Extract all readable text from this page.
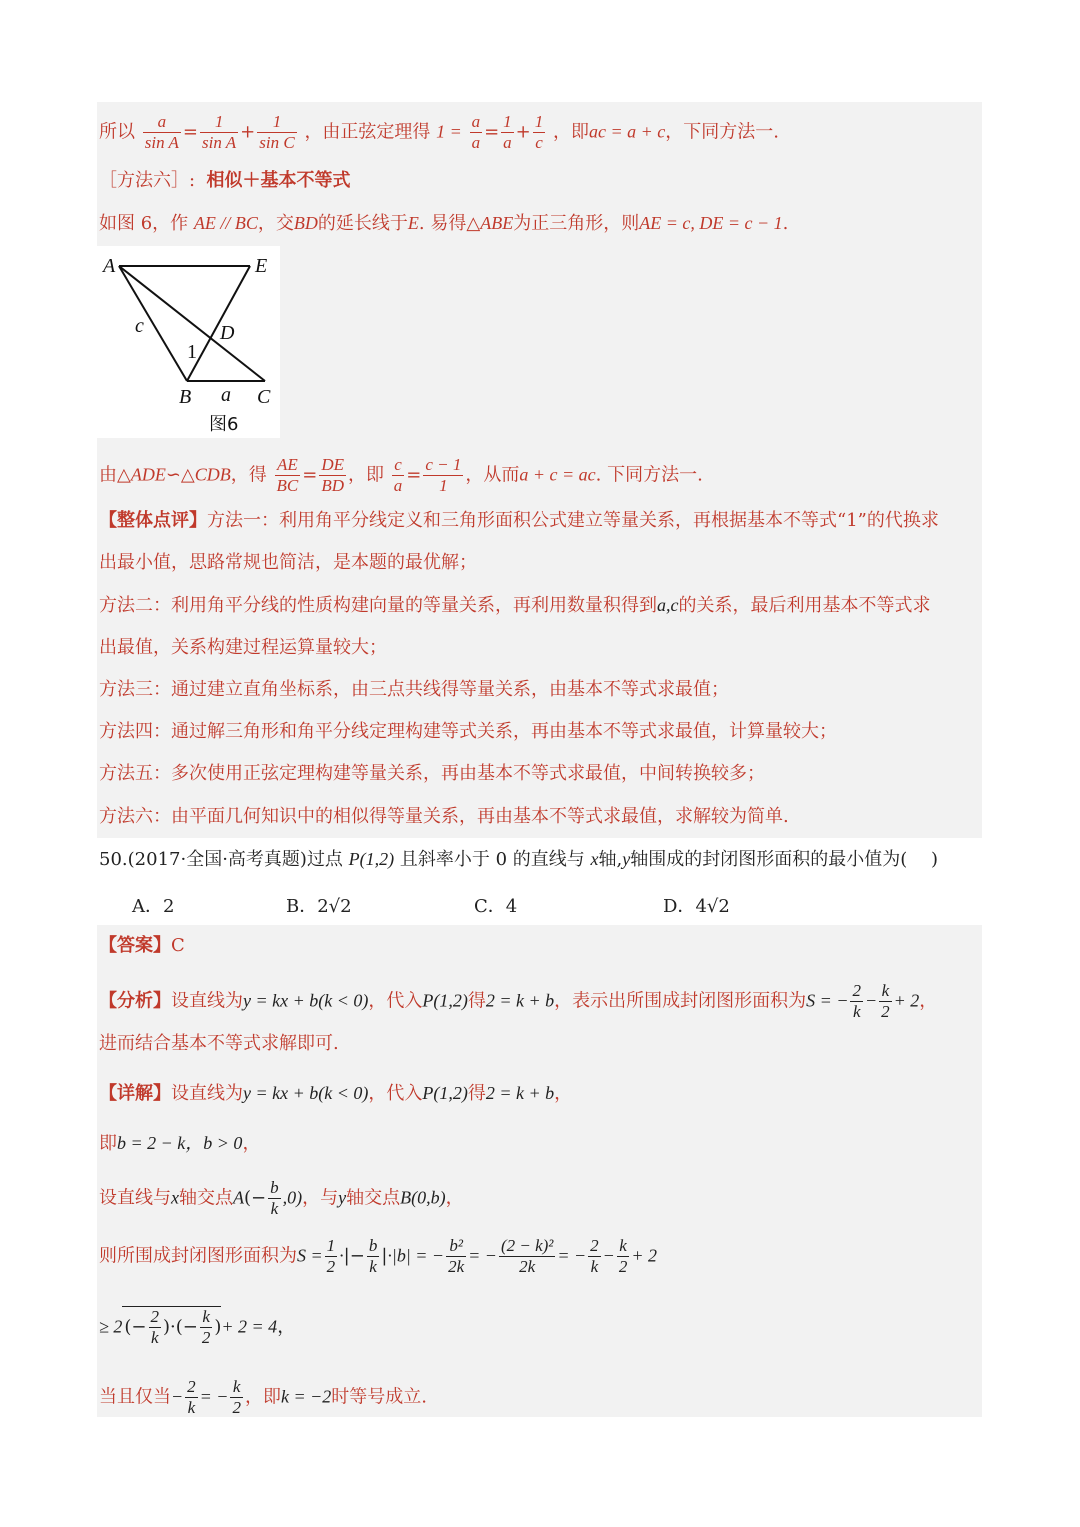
所以 $\frac{a}{\text{sin A}} = \frac{1}{\text{sin A}} + \frac{1}{\text{sin C}}$ ，由正弦定理得 $1 = \frac{a}{a} = \frac{1}{a} + \frac{1}{c}$ ，即ac = a + c，下同方法一.
［方法六］: 相似＋基本不等式
如图 6，作 AE // BC，交BD的延长线于E. 易得△ABE为正三角形，则AE = c, DE = c − 1.
A	E
c	D
1
B a C
图6
由△ADE∽△CDB，得 $\frac{AE}{BC} = \frac{DE}{BD}$ ，即 $\frac{c}{a} = \frac{c - 1}{1}$ ，从而a + c = ac. 下同方法一.
【整体点评】方法一：利用角平分线定义和三角形面积公式建立等量关系，再根据基本不等式“1”的代换求
出最小值，思路常规也简洁，是本题的最优解；
方法二：利用角平分线的性质构建向量的等量关系，再利用数量积得到a,c的关系，最后利用基本不等式求
出最值，关系构建过程运算量较大；
方法三：通过建立直角坐标系，由三点共线得等量关系，由基本不等式求最值；
方法四：通过解三角形和角平分线定理构建等式关系，再由基本不等式求最值，计算量较大；
方法五：多次使用正弦定理构建等量关系，再由基本不等式求最值，中间转换较多；
方法六：由平面几何知识中的相似得等量关系，再由基本不等式求最值，求解较为简单.
50.(2017·全国·高考真题)过点 P(1,2) 且斜率小于 0 的直线与 x轴,y轴围成的封闭图形面积的最小值为(　 )
A．2	B．2√2	C．4	D．4√2
【答案】C
【分析】设直线为y = kx + b(k < 0)，代入P(1,2)得2 = k + b，表示出所围成封闭图形面积为S = − $\frac{2}{k} - \frac{k}{2} + 2$，
进而结合基本不等式求解即可.
【详解】设直线为y = kx + b(k < 0)，代入P(1,2)得2 = k + b，
即b = 2 − k，b > 0，
设直线与x轴交点$A(- \frac{b}{k} ,0)$，与y轴交点B(0,b)，
则所围成封闭图形面积为$S = \frac{1}{2}$ ·|− $\frac{b}{k} |\cdot|b|$ = − $\frac{\text{b²}}{2k}$ = − $\frac{\text{(2 − k)²}}{2k}$ = − $\frac{2}{k} - \frac{k}{2} + 2$
≥ 2 (− $\frac{2}{k}$ )·(− $\frac{k}{2}$ )+ 2 = 4，
当且仅当− $\frac{2}{k}$ = − $\frac{k}{2}$ ，即k = −2时等号成立.
